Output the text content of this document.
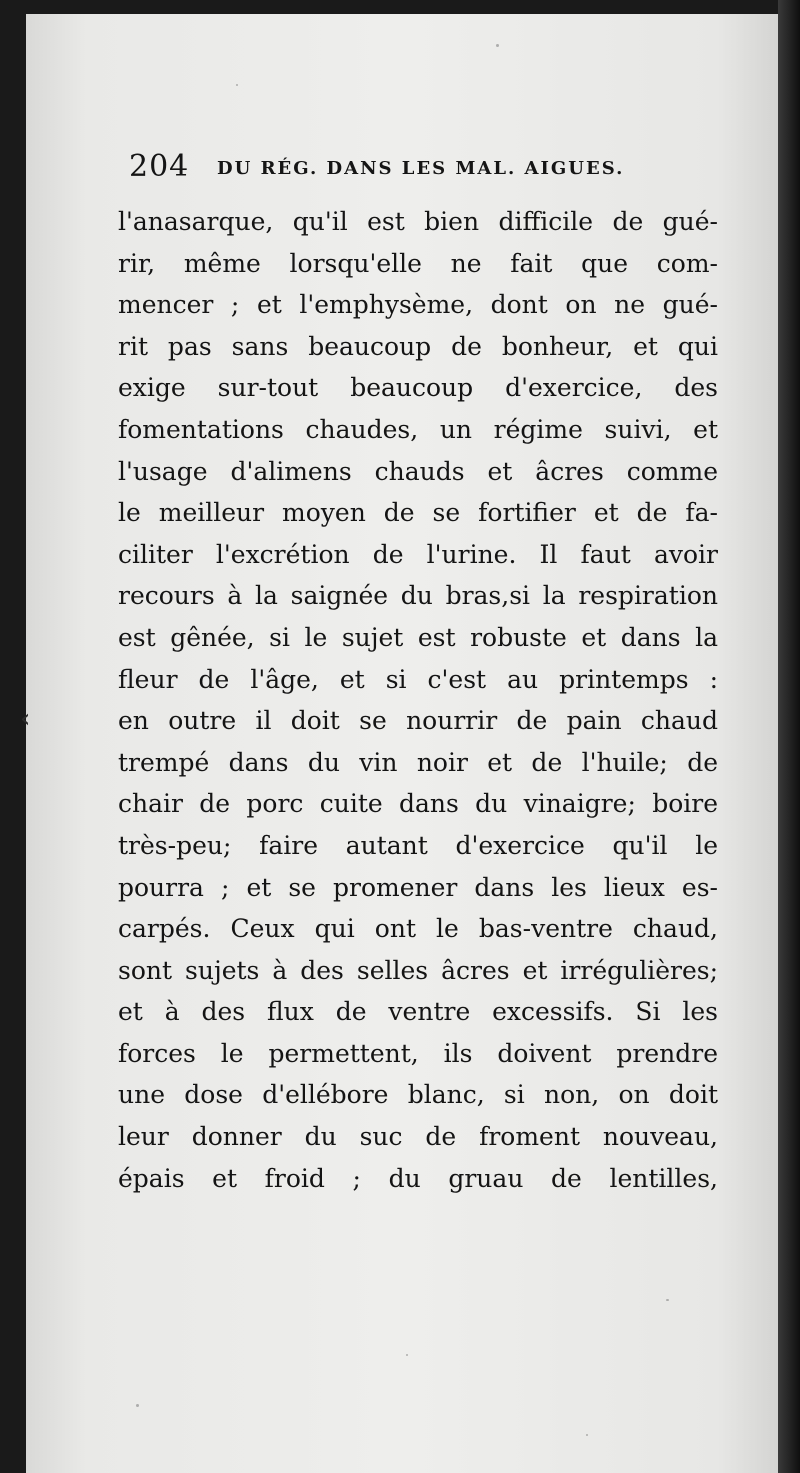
204 DU RÉG. DANS LES MAL. AIGUES.
l'anasarque, qu'il est bien difficile de gué-
rir, même lorsqu'elle ne fait que com-
mencer ; et l'emphysème, dont on ne gué-
rit pas sans beaucoup de bonheur, et qui
exige sur-tout beaucoup d'exercice, des
fomentations chaudes, un régime suivi, et
l'usage d'alimens chauds et âcres comme
le meilleur moyen de se fortifier et de fa-
ciliter l'excrétion de l'urine. Il faut avoir
recours à la saignée du bras,si la respiration
est gênée, si le sujet est robuste et dans la
fleur de l'âge, et si c'est au printemps :
en outre il doit se nourrir de pain chaud
trempé dans du vin noir et de l'huile; de
chair de porc cuite dans du vinaigre; boire
très-peu; faire autant d'exercice qu'il le
pourra ; et se promener dans les lieux es-
carpés. Ceux qui ont le bas-ventre chaud,
sont sujets à des selles âcres et irrégulières;
et à des flux de ventre excessifs. Si les
forces le permettent, ils doivent prendre
une dose d'ellébore blanc, si non, on doit
leur donner du suc de froment nouveau,
épais et froid ; du gruau de lentilles,
‹
